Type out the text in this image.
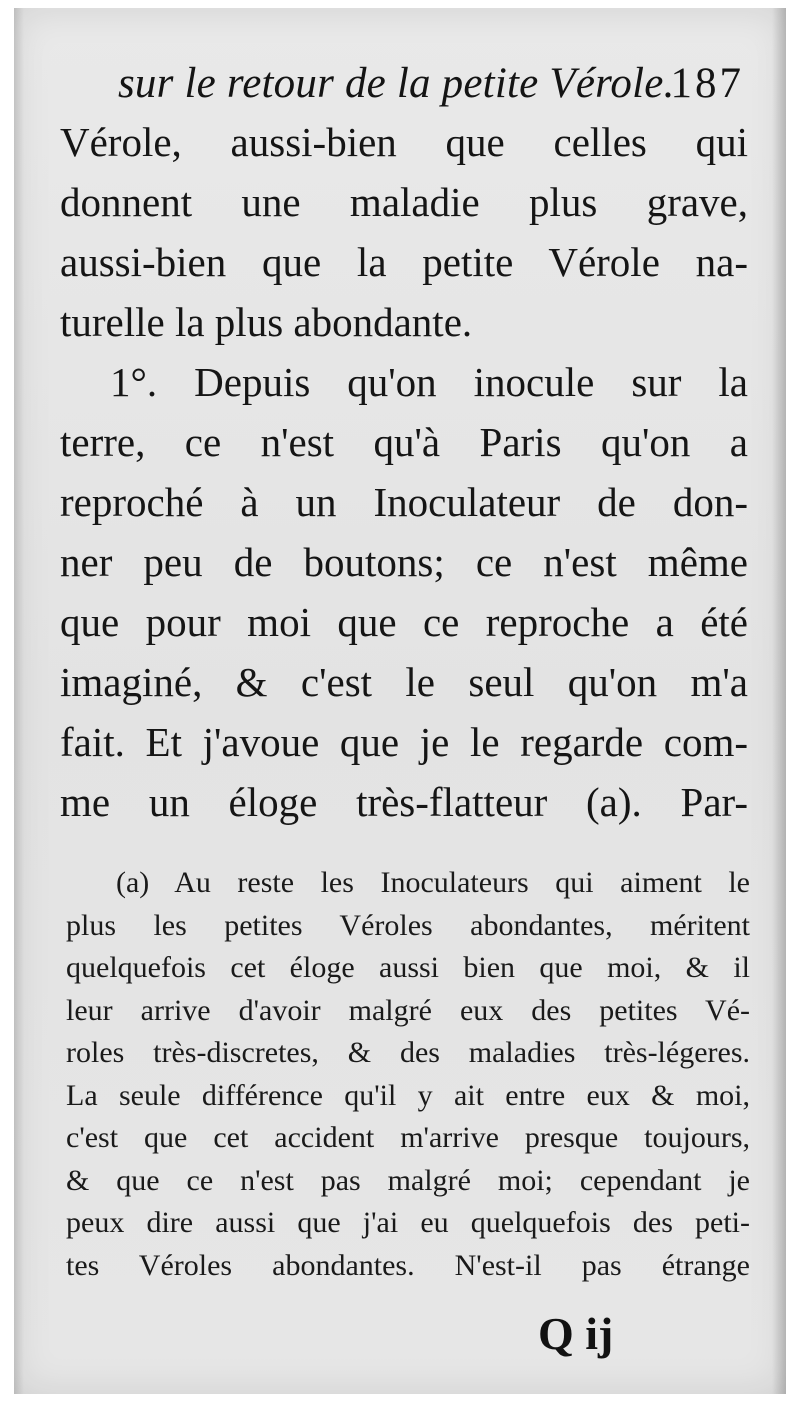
sur le retour de la petite Vérole.
187
Vérole, aussi-bien que celles qui
donnent une maladie plus grave,
aussi-bien que la petite Vérole na-
turelle la plus abondante.
1°. Depuis qu'on inocule sur la
terre, ce n'est qu'à Paris qu'on a
reproché à un Inoculateur de don-
ner peu de boutons; ce n'est même
que pour moi que ce reproche a été
imaginé, & c'est le seul qu'on m'a
fait. Et j'avoue que je le regarde com-
me un éloge très-flatteur (a). Par-
(a) Au reste les Inoculateurs qui aiment le
plus les petites Véroles abondantes, méritent
quelquefois cet éloge aussi bien que moi, & il
leur arrive d'avoir malgré eux des petites Vé-
roles très-discretes, & des maladies très-légeres.
La seule différence qu'il y ait entre eux & moi,
c'est que cet accident m'arrive presque toujours,
& que ce n'est pas malgré moi; cependant je
peux dire aussi que j'ai eu quelquefois des peti-
tes Véroles abondantes. N'est-il pas étrange
Q ij
